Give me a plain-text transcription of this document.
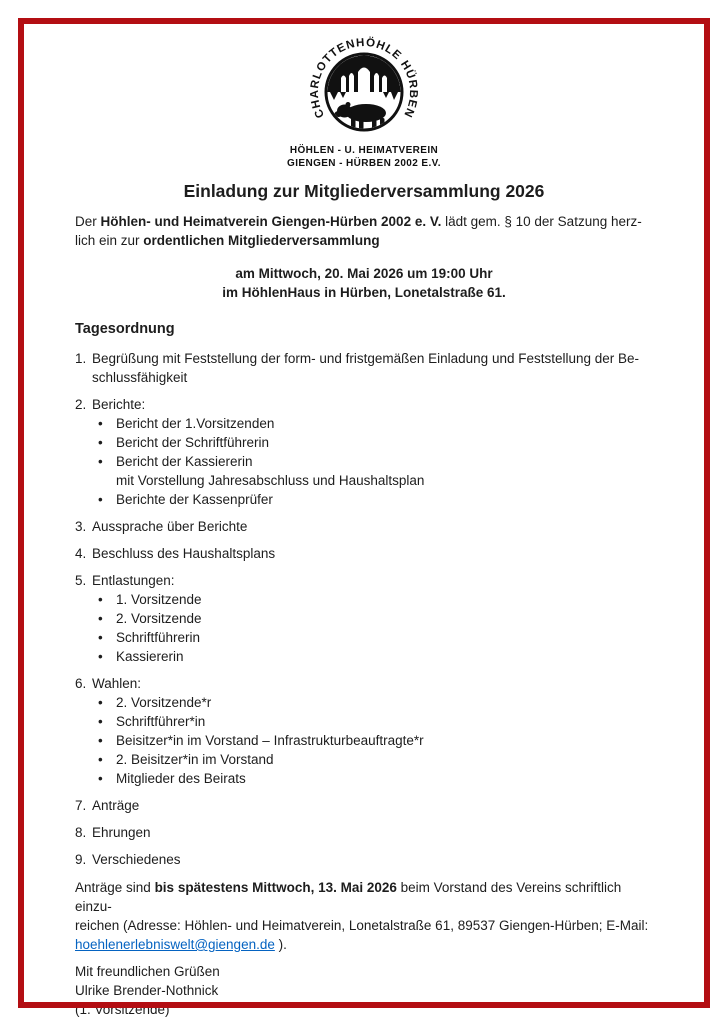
CHARLOTTENHÖHLE HÜRBEN
HÖHLEN - U. HEIMATVEREIN
GIENGEN - HÜRBEN 2002 E.V.
Einladung zur Mitgliederversammlung 2026
Der Höhlen- und Heimatverein Giengen-Hürben 2002 e. V. lädt gem. § 10 der Satzung herz-
lich ein zur ordentlichen Mitgliederversammlung
am Mittwoch, 20. Mai 2026 um 19:00 Uhr
im HöhlenHaus in Hürben, Lonetalstraße 61.
Tagesordnung
1. Begrüßung mit Feststellung der form- und fristgemäßen Einladung und Feststellung der Be-
schlussfähigkeit
2. Berichte:
• Bericht der 1.Vorsitzenden
• Bericht der Schriftführerin
• Bericht der Kassiererin
mit Vorstellung Jahresabschluss und Haushaltsplan
• Berichte der Kassenprüfer
3. Aussprache über Berichte
4. Beschluss des Haushaltsplans
5. Entlastungen:
• 1. Vorsitzende
• 2. Vorsitzende
• Schriftführerin
• Kassiererin
6. Wahlen:
• 2. Vorsitzende*r
• Schriftführer*in
• Beisitzer*in im Vorstand – Infrastrukturbeauftragte*r
• 2. Beisitzer*in im Vorstand
• Mitglieder des Beirats
7. Anträge
8. Ehrungen
9. Verschiedenes
Anträge sind bis spätestens Mittwoch, 13. Mai 2026 beim Vorstand des Vereins schriftlich einzu-
reichen (Adresse: Höhlen- und Heimatverein, Lonetalstraße 61, 89537 Giengen-Hürben; E-Mail:
hoehlenerlebniswelt@giengen.de ).
Mit freundlichen Grüßen
Ulrike Brender-Nothnick
(1. Vorsitzende)
